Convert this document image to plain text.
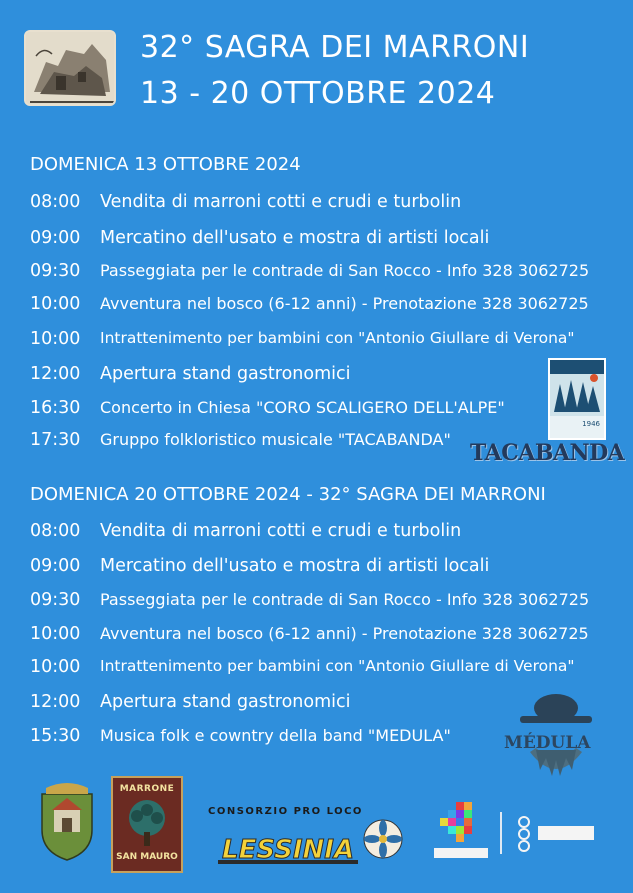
32° SAGRA DEI MARRONI
13 - 20 OTTOBRE 2024
DOMENICA 13 OTTOBRE 2024
08:00	Vendita di marroni cotti e crudi e turbolin
09:00	Mercatino dell'usato e mostra di artisti locali
09:30	Passeggiata per le contrade di San Rocco - Info 328 3062725
10:00	Avventura nel bosco (6-12 anni) - Prenotazione 328 3062725
10:00	Intrattenimento per bambini con "Antonio Giullare di Verona"
12:00	Apertura stand gastronomici
16:30	Concerto in Chiesa "CORO SCALIGERO DELL'ALPE"
17:30	Gruppo folkloristico musicale "TACABANDA"
1946
TACABANDA
DOMENICA 20 OTTOBRE 2024 - 32° SAGRA DEI MARRONI
08:00	Vendita di marroni cotti e crudi e turbolin
09:00	Mercatino dell'usato e mostra di artisti locali
09:30	Passeggiata per le contrade di San Rocco - Info 328 3062725
10:00	Avventura nel bosco (6-12 anni) - Prenotazione 328 3062725
10:00	Intrattenimento per bambini con "Antonio Giullare di Verona"
12:00	Apertura stand gastronomici
15:30	Musica folk e cowntry della band "MEDULA"	MÉDULA
MARRONE
SAN MAURO
CONSORZIO PRO LOCO
LESSINIA
